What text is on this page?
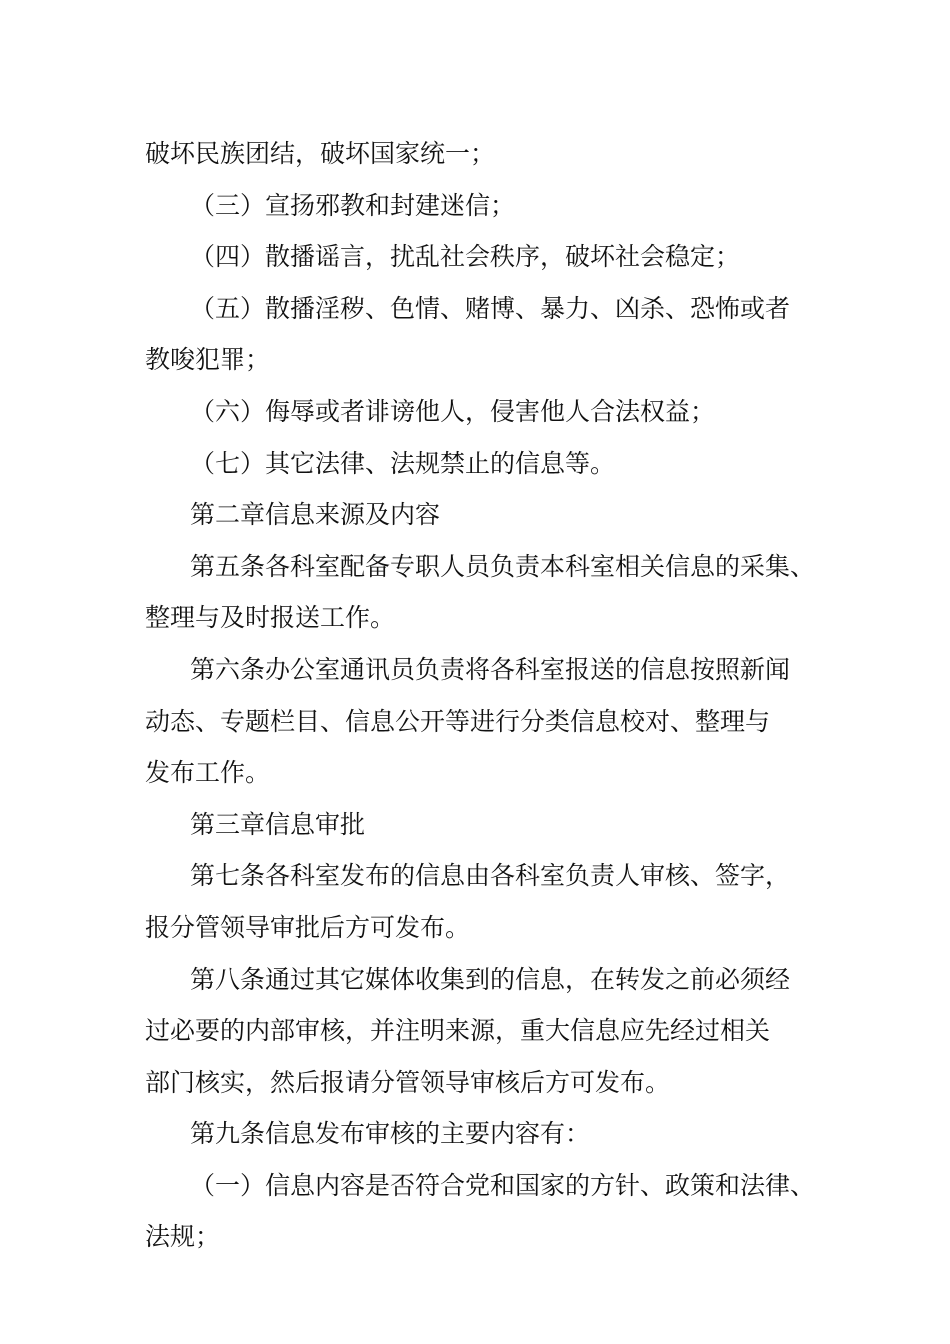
破坏民族团结，破坏国家统一；
（三）宣扬邪教和封建迷信；
（四）散播谣言，扰乱社会秩序，破坏社会稳定；
（五）散播淫秽、色情、赌博、暴力、凶杀、恐怖或者
教唆犯罪；
（六）侮辱或者诽谤他人，侵害他人合法权益；
（七）其它法律、法规禁止的信息等。
第二章信息来源及内容
第五条各科室配备专职人员负责本科室相关信息的采集、
整理与及时报送工作。
第六条办公室通讯员负责将各科室报送的信息按照新闻
动态、专题栏目、信息公开等进行分类信息校对、整理与
发布工作。
第三章信息审批
第七条各科室发布的信息由各科室负责人审核、签字，
报分管领导审批后方可发布。
第八条通过其它媒体收集到的信息，在转发之前必须经
过必要的内部审核，并注明来源，重大信息应先经过相关
部门核实，然后报请分管领导审核后方可发布。
第九条信息发布审核的主要内容有：
（一）信息内容是否符合党和国家的方针、政策和法律、
法规；
